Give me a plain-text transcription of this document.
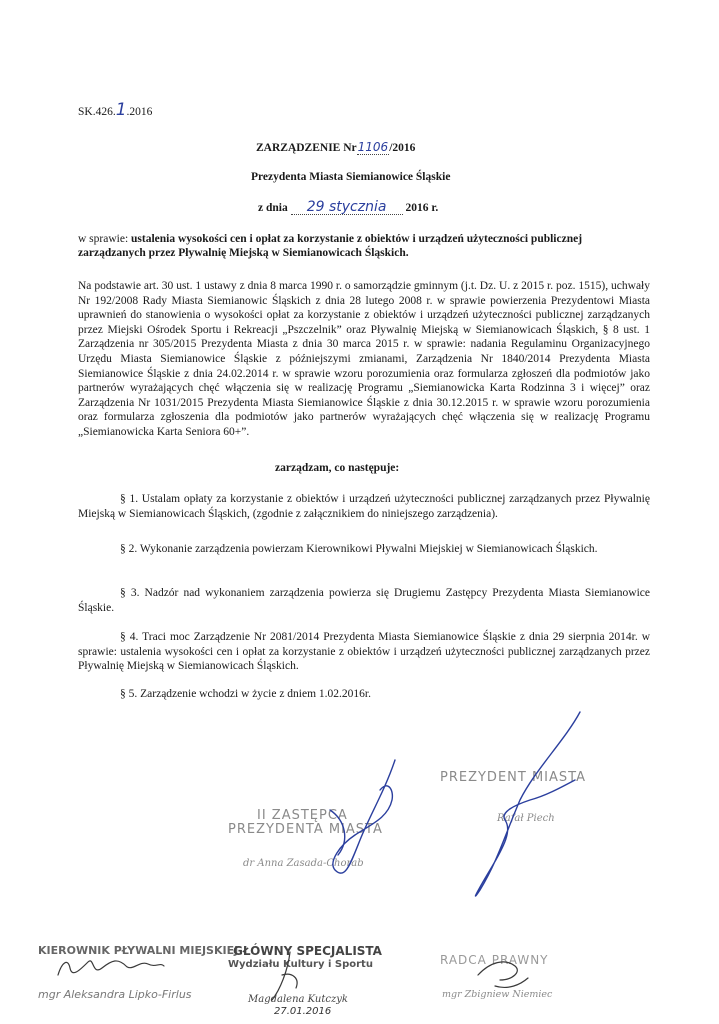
SK.426.1.2016
ZARZĄDZENIE Nr1106/2016
Prezydenta Miasta Siemianowice Śląskie
z dnia 29 stycznia 2016 r.
w sprawie: ustalenia wysokości cen i opłat za korzystanie z obiektów i urządzeń użyteczności publicznej
zarządzanych przez Pływalnię Miejską w Siemianowicach Śląskich.
Na podstawie art. 30 ust. 1 ustawy z dnia 8 marca 1990 r. o samorządzie gminnym (j.t. Dz. U. z 2015 r. poz. 1515), uchwały Nr 192/2008 Rady Miasta Siemianowic Śląskich z dnia 28 lutego 2008 r. w sprawie powierzenia Prezydentowi Miasta uprawnień do stanowienia o wysokości opłat za korzystanie z obiektów i urządzeń użyteczności publicznej zarządzanych przez Miejski Ośrodek Sportu i Rekreacji „Pszczelnik” oraz Pływalnię Miejską w Siemianowicach Śląskich, § 8 ust. 1 Zarządzenia nr 305/2015 Prezydenta Miasta z dnia 30 marca 2015 r. w sprawie: nadania Regulaminu Organizacyjnego Urzędu Miasta Siemianowice Śląskie z późniejszymi zmianami, Zarządzenia Nr 1840/2014 Prezydenta Miasta Siemianowice Śląskie z dnia 24.02.2014 r. w sprawie wzoru porozumienia oraz formularza zgłoszeń dla podmiotów jako partnerów wyrażających chęć włączenia się w realizację Programu „Siemianowicka Karta Rodzinna 3 i więcej” oraz Zarządzenia Nr 1031/2015 Prezydenta Miasta Siemianowice Śląskie z dnia 30.12.2015 r. w sprawie wzoru porozumienia oraz formularza zgłoszenia dla podmiotów jako partnerów wyrażających chęć włączenia się w realizację Programu „Siemianowicka Karta Seniora 60+”.
zarządzam, co następuje:
§ 1. Ustalam opłaty za korzystanie z obiektów i urządzeń użyteczności publicznej zarządzanych przez Pływalnię Miejską w Siemianowicach Śląskich, (zgodnie z załącznikiem do niniejszego zarządzenia).
§ 2. Wykonanie zarządzenia powierzam Kierownikowi Pływalni Miejskiej w Siemianowicach Śląskich.
§ 3. Nadzór nad wykonaniem zarządzenia powierza się Drugiemu Zastępcy Prezydenta Miasta Siemianowice Śląskie.
§ 4. Traci moc Zarządzenie Nr 2081/2014 Prezydenta Miasta Siemianowice Śląskie z dnia 29 sierpnia 2014r. w sprawie: ustalenia wysokości cen i opłat za korzystanie z obiektów i urządzeń użyteczności publicznej zarządzanych przez Pływalnię Miejską w Siemianowicach Śląskich.
§ 5. Zarządzenie wchodzi w życie z dniem 1.02.2016r.
PREZYDENT MIASTA
Rafał Piech
II ZASTĘPCA
PREZYDENTA MIASTA
dr Anna Zasada-Chorab
KIEROWNIK PŁYWALNI MIEJSKIEJ
mgr Aleksandra Lipko-Firlus
GŁÓWNY SPECJALISTA
Wydziału Kultury i Sportu
Magdalena Kutczyk
27.01.2016
RADCA PRAWNY
mgr Zbigniew Niemiec
